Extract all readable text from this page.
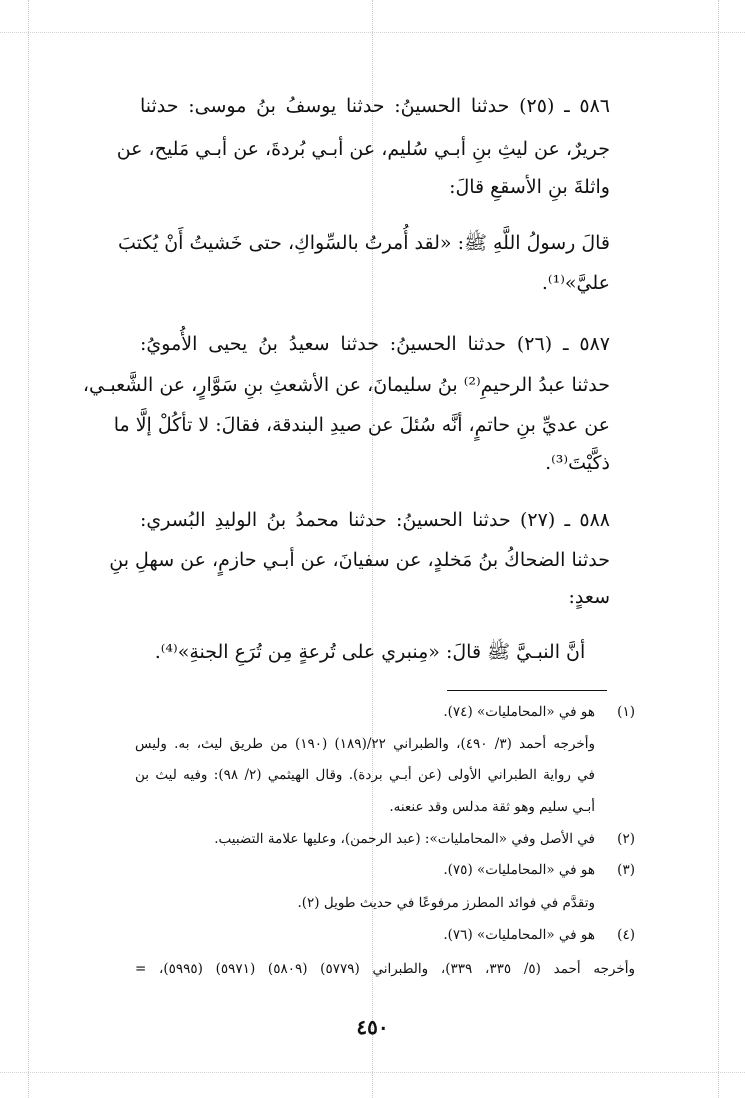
٥٨٦ ـ (٢٥) حدثنا الحسينُ: حدثنا يوسفُ بنُ موسى: حدثنا
جريرٌ، عن ليثِ بنِ أبـي سُليم، عن أبـي بُردةَ، عن أبـي مَليح، عن
واثلةَ بنِ الأسقعِ قالَ:
قالَ رسولُ اللَّهِ ﷺ: «لقد أُمرتُ بالسِّواكِ، حتى خَشيتُ أَنْ يُكتبَ
عليَّ»⁽¹⁾.
٥٨٧ ـ (٢٦) حدثنا الحسينُ: حدثنا سعيدُ بنُ يحيى الأُمويُ:
حدثنا عبدُ الرحيمِ⁽²⁾ بنُ سليمانَ، عن الأشعثِ بنِ سَوَّارٍ، عن الشَّعبـي،
عن عديِّ بنِ حاتمٍ، أنَّه سُئلَ عن صيدِ البندقة، فقالَ: لا تأكُلْ إلَّا ما
ذكَّيْتَ⁽³⁾.
٥٨٨ ـ (٢٧) حدثنا الحسينُ: حدثنا محمدُ بنُ الوليدِ البُسري:
حدثنا الضحاكُ بنُ مَخلدٍ، عن سفيانَ، عن أبـي حازمٍ، عن سهلِ بنِ
سعدٍ:
أنَّ النبـيَّ ﷺ قالَ: «مِنبري على تُرعةٍ مِن تُرَعِ الجنةِ»⁽⁴⁾.
(١)هو في «المحامليات» (٧٤).
وأخرجه أحمد (٣/ ٤٩٠)، والطبراني ٢٢/(١٨٩) (١٩٠) من طريق ليث، به. وليس
في رواية الطبراني الأولى (عن أبـي بردة). وقال الهيثمي (٢/ ٩٨): وفيه ليث بن
أبـي سليم وهو ثقة مدلس وقد عنعنه.
(٢)في الأصل وفي «المحامليات»: (عبد الرحمن)، وعليها علامة التضبيب.
(٣)هو في «المحامليات» (٧٥).
وتقدَّم في فوائد المطرز مرفوعًا في حديث طويل (٢).
(٤)هو في «المحامليات» (٧٦).
وأخرجه أحمد (٥/ ٣٣٥، ٣٣٩)، والطبراني (٥٧٧٩) (٥٨٠٩) (٥٩٧١) (٥٩٩٥)، =
٤٥٠
